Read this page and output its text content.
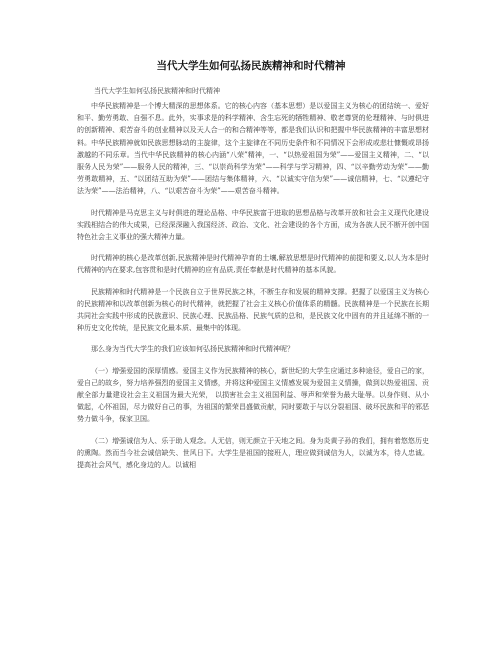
当代大学生如何弘扬民族精神和时代精神
当代大学生如何弘扬民族精神和时代精神

中华民族精神是一个博大精深的思想体系。它的核心内容（基本思想）是以爱国主义为核心的团结统一、爱好和平、勤劳勇敢、自强不息。此外，实事求是的科学精神、含生忘死的牺牲精神、敬老尊贤的伦理精神、与时俱进的创新精神、艰苦奋斗的创业精神以及天人合一的和合精神等等，都是我们认识和把握中华民族精神的丰富思想材料。中华民族精神就如民族思想脉动的主旋律，这个主旋律在不同历史条件和不同情况下会形成或悲壮慷慨或昂扬激越的不同乐章。当代中华民族精神的核心内涵“八荣”精神，一、“以热爱祖国为荣”——爱国主义精神，二、“以服务人民为荣”——服务人民的精神，三、“以崇尚科学为荣”——科学与学习精神，四、“以辛勤劳动为荣”——勤劳勇敢精神，五、“以团结互助为荣”——团结与集体精神，六、“以诚实守信为荣”——诚信精神，七、“以遵纪守法为荣”——法治精神，八、“以艰苦奋斗为荣”——艰苦奋斗精神。

时代精神是马克思主义与时俱进的理论品格、中华民族富于进取的思想品格与改革开放和社会主义现代化建设实践相结合的伟大成果，已经深深融入我国经济、政治、文化、社会建设的各个方面，成为各族人民不断开创中国特色社会主义事业的强大精神力量。

时代精神的核心是改革创新,民族精神是时代精神孕育的土壤,解放思想是时代精神的前提和要义,以人为本是时代精神的内在要求,包容贯和是时代精神的应有品质,责任奉献是时代精神的基本风貌。

民族精神和时代精神是一个民族自立于世界民族之林，不断生存和发展的精神支撑。把握了以爱国主义为核心的民族精神和以改革创新为核心的时代精神，就把握了社会主义核心价值体系的精髓。民族精神是一个民族在长期共同社会实践中形成的民族意识、民族心理、民族品格、民族气质的总和，是民族文化中固有的并且延绵不断的一种历史文化传统，是民族文化最本质、最集中的体现。

那么身为当代大学生的我们应该如何弘扬民族精神和时代精神呢？

（一）增强爱国的深厚情感。爱国主义作为民族精神的核心，新世纪的大学生应通过多种途径，爱自己的家，爱自己的故乡，努力培养强烈的爱国主义情感，并将这种爱国主义情感发展为爱国主义情操，做到以热爱祖国、贡献全部力量建设社会主义祖国为最大光荣， 以损害社会主义祖国利益、辱声和荣誉为最大耻辱。以身作则、从小做起，心怀祖国，尽力做好自己的事，为祖国的繁荣昌盛做贡献，同时要敢于与以分裂祖国、破坏民族和平的邪恶势力做斗争，保家卫国。

（二）增强诚信为人、乐于助人观念。人无信，则无颜立于天地之间。身为炎黄子孙的我们，拥有着悠悠历史的熏陶。然而当今社会诚信缺失、世风日下。大学生是祖国的接班人，理应做到诚信为人，以诚为本，待人忠诚。提高社会风气，感化身边的人。以诚相
